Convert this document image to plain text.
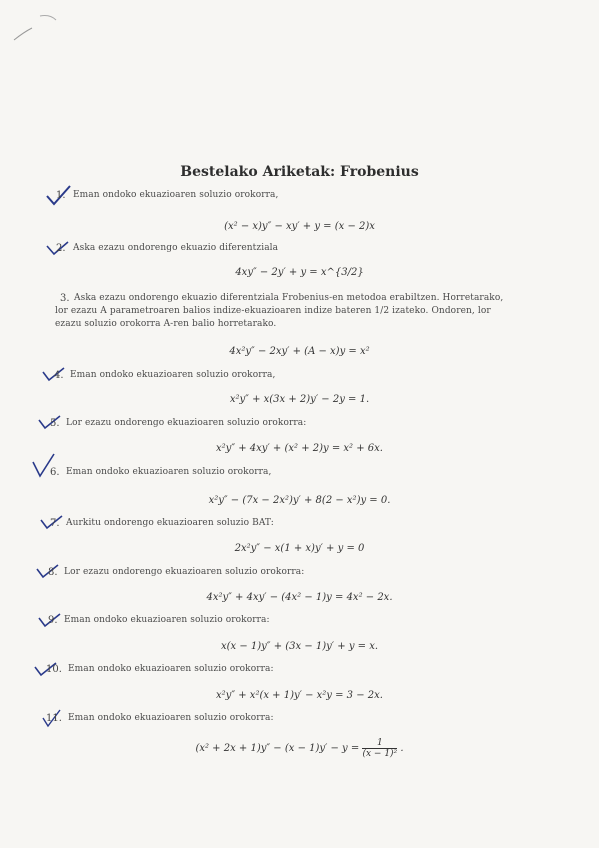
Bestelako Ariketak: Frobenius
1. Eman ondoko ekuazioaren soluzio orokorra,
(x² − x)y″ − xy′ + y = (x − 2)x
2. Aska ezazu ondorengo ekuazio diferentziala
4xy″ − 2y′ + y = x^{3/2}
3. Aska ezazu ondorengo ekuazio diferentziala Frobenius-en metodoa erabiltzen. Horretarako,
lor ezazu A parametroaren balios indize-ekuazioaren indize bateren 1/2 izateko. Ondoren, lor
ezazu soluzio orokorra A-ren balio horretarako.
4x²y″ − 2xy′ + (A − x)y = x²
4. Eman ondoko ekuazioaren soluzio orokorra,
x²y″ + x(3x + 2)y′ − 2y = 1.
5. Lor ezazu ondorengo ekuazioaren soluzio orokorra:
x²y″ + 4xy′ + (x² + 2)y = x² + 6x.
6. Eman ondoko ekuazioaren soluzio orokorra,
x²y″ − (7x − 2x²)y′ + 8(2 − x²)y = 0.
7. Aurkitu ondorengo ekuazioaren soluzio BAT:
2x²y″ − x(1 + x)y′ + y = 0
8. Lor ezazu ondorengo ekuazioaren soluzio orokorra:
4x²y″ + 4xy′ − (4x² − 1)y = 4x² − 2x.
9. Eman ondoko ekuazioaren soluzio orokorra:
x(x − 1)y″ + (3x − 1)y′ + y = x.
10. Eman ondoko ekuazioaren soluzio orokorra:
x²y″ + x²(x + 1)y′ − x²y = 3 − 2x.
11. Eman ondoko ekuazioaren soluzio orokorra:
$(x^2 + 2x + 1)y'' - (x - 1)y' - y = \frac{1}{\text{(x − 1)²}}$ .
